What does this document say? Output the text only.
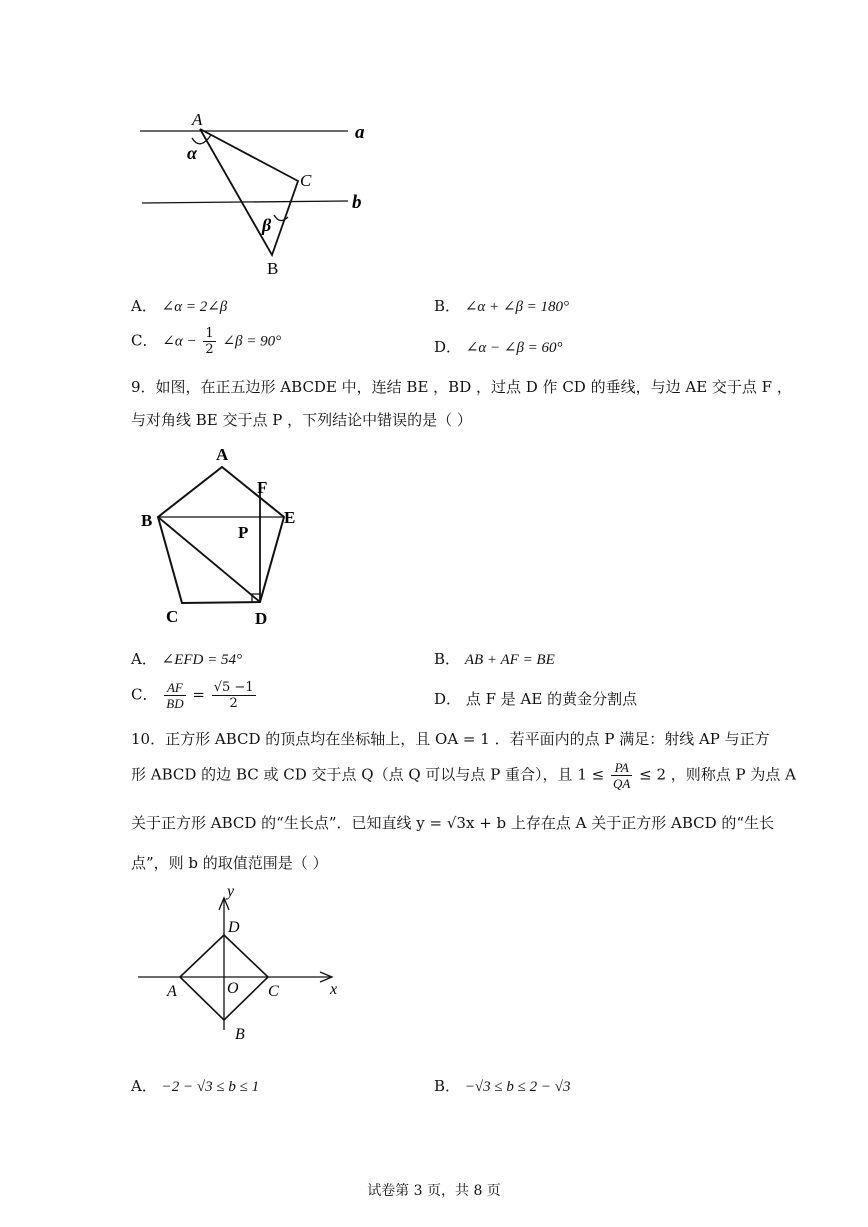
a
b
A
C
B
α
β
A． ∠α = 2∠β	B． ∠α + ∠β = 180°
C． ∠α − $\frac{1}{2}$ ∠β = 90°	D． ∠α − ∠β = 60°
9．如图，在正五边形 ABCDE 中，连结 BE ，BD ，过点 D 作 CD 的垂线，与边 AE 交于点 F ，
与对角线 BE 交于点 P ，下列结论中错误的是（ ）
A
F
B	E
P
C	D
A． ∠EFD = 54°	B． AB + AF = BE
C． $\frac{AF}{BD} = \frac{√5 -1}{2}$	D． 点 F 是 AE 的黄金分割点
10．正方形 ABCD 的顶点均在坐标轴上，且 OA = 1 ．若平面内的点 P 满足：射线 AP 与正方
形 ABCD 的边 BC 或 CD 交于点 Q（点 Q 可以与点 P 重合），且 $1 \le \frac{PA}{QA} \le 2$ ，则称点 P 为点 A
关于正方形 ABCD 的“生长点”．已知直线 y = √3x + b 上存在点 A 关于正方形 ABCD 的“生长
点”，则 b 的取值范围是（ ）
y
x
D
A	O C
B
A． −2 − √3 ≤ b ≤ 1	B． −√3 ≤ b ≤ 2 − √3
试卷第 3 页，共 8 页
